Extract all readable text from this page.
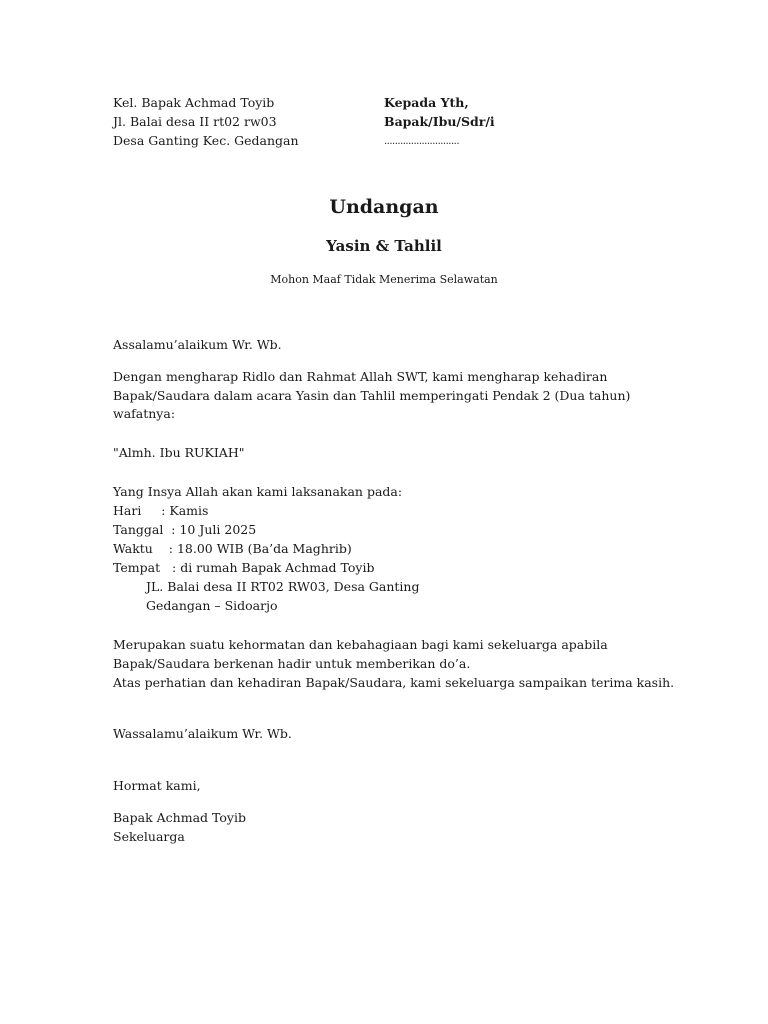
Kel. Bapak Achmad Toyib
Jl. Balai desa II rt02 rw03
Desa Ganting Kec. Gedangan
Kepada Yth,
Bapak/Ibu/Sdr/i
............................
Undangan
Yasin & Tahlil
Mohon Maaf Tidak Menerima Selawatan
Assalamu’alaikum Wr. Wb.
Dengan mengharap Ridlo dan Rahmat Allah SWT, kami mengharap kehadiran
Bapak/Saudara dalam acara Yasin dan Tahlil memperingati Pendak 2 (Dua tahun)
wafatnya:
"Almh. Ibu RUKIAH"
Yang Insya Allah akan kami laksanakan pada:
Hari     : Kamis
Tanggal  : 10 Juli 2025
Waktu    : 18.00 WIB (Ba’da Maghrib)
Tempat   : di rumah Bapak Achmad Toyib
JL. Balai desa II RT02 RW03, Desa Ganting
Gedangan – Sidoarjo
Merupakan suatu kehormatan dan kebahagiaan bagi kami sekeluarga apabila
Bapak/Saudara berkenan hadir untuk memberikan do’a.
Atas perhatian dan kehadiran Bapak/Saudara, kami sekeluarga sampaikan terima kasih.
Wassalamu’alaikum Wr. Wb.
Hormat kami,
Bapak Achmad Toyib
Sekeluarga
